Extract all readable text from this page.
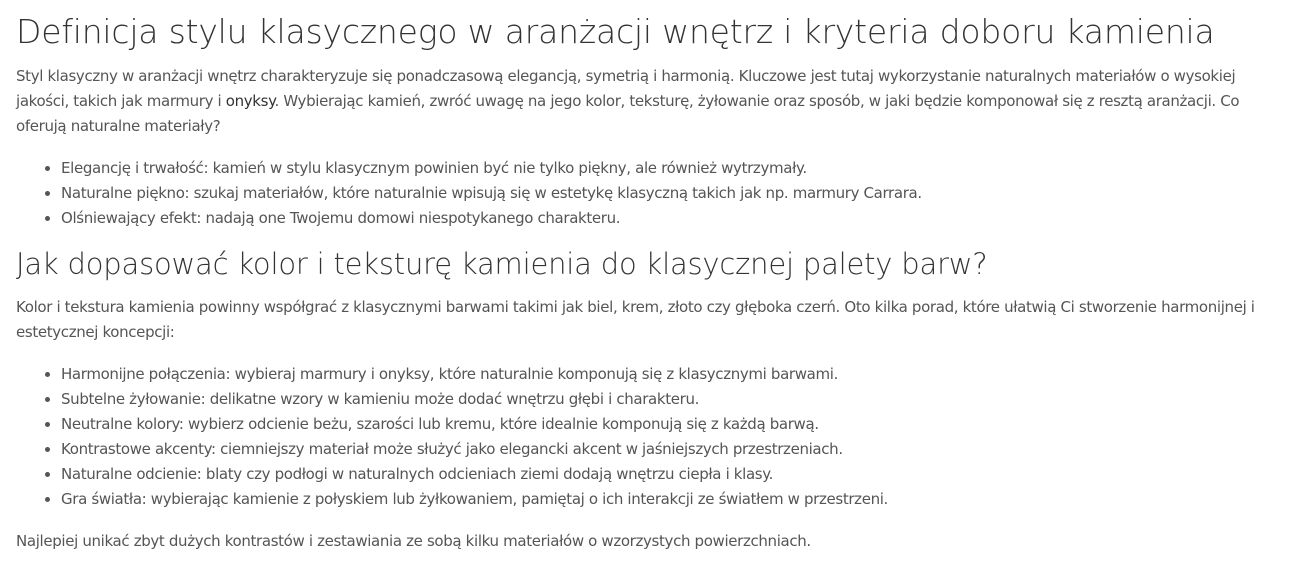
Definicja stylu klasycznego w aranżacji wnętrz i kryteria doboru kamienia

Styl klasyczny w aranżacji wnętrz charakteryzuje się ponadczasową elegancją, symetrią i harmonią. Kluczowe jest tutaj wykorzystanie naturalnych materiałów o wysokiej jakości, takich jak marmury i onyksy. Wybierając kamień, zwróć uwagę na jego kolor, teksturę, żyłowanie oraz sposób, w jaki będzie komponował się z resztą aranżacji. Co oferują naturalne materiały?

• Elegancję i trwałość: kamień w stylu klasycznym powinien być nie tylko piękny, ale również wytrzymały.
• Naturalne piękno: szukaj materiałów, które naturalnie wpisują się w estetykę klasyczną takich jak np. marmury Carrara.
• Olśniewający efekt: nadają one Twojemu domowi niespotykanego charakteru.
Jak dopasować kolor i teksturę kamienia do klasycznej palety barw?

Kolor i tekstura kamienia powinny współgrać z klasycznymi barwami takimi jak biel, krem, złoto czy głęboka czerń. Oto kilka porad, które ułatwią Ci stworzenie harmonijnej i estetycznej koncepcji:

• Harmonijne połączenia: wybieraj marmury i onyksy, które naturalnie komponują się z klasycznymi barwami.
• Subtelne żyłowanie: delikatne wzory w kamieniu może dodać wnętrzu głębi i charakteru.
• Neutralne kolory: wybierz odcienie beżu, szarości lub kremu, które idealnie komponują się z każdą barwą.
• Kontrastowe akcenty: ciemniejszy materiał może służyć jako elegancki akcent w jaśniejszych przestrzeniach.
• Naturalne odcienie: blaty czy podłogi w naturalnych odcieniach ziemi dodają wnętrzu ciepła i klasy.
• Gra światła: wybierając kamienie z połyskiem lub żyłkowaniem, pamiętaj o ich interakcji ze światłem w przestrzeni.

Najlepiej unikać zbyt dużych kontrastów i zestawiania ze sobą kilku materiałów o wzorzystych powierzchniach.
